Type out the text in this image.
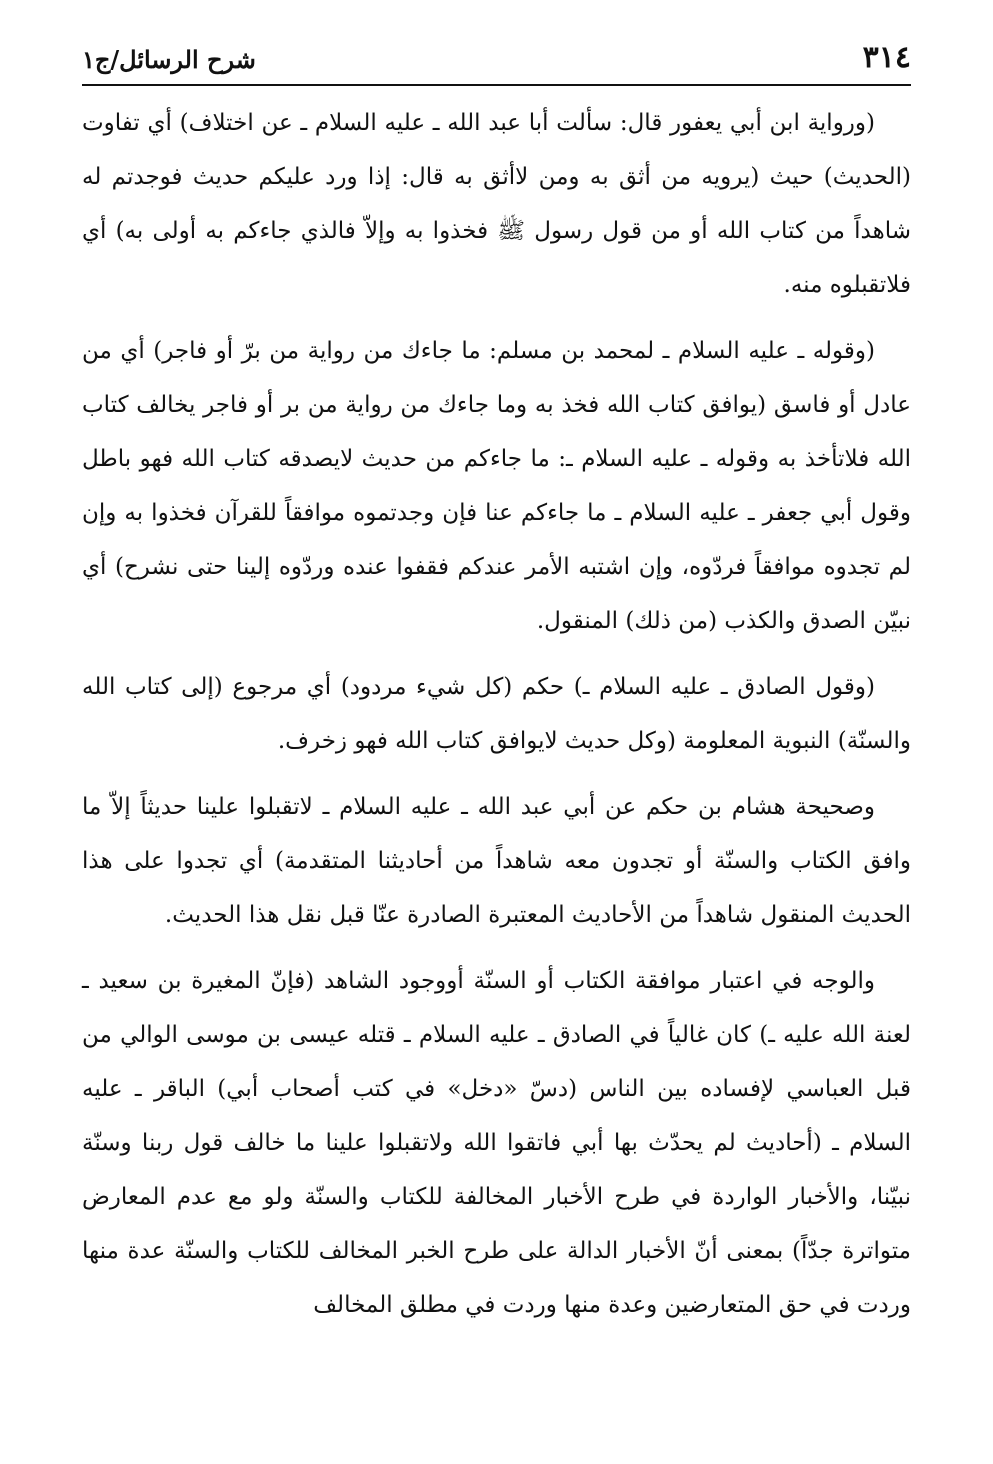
٣١٤
شرح الرسائل/ج١

(ورواية ابن أبي يعفور قال: سألت أبا عبد الله ـ عليه السلام ـ عن اختلاف) أي تفاوت (الحديث) حيث (يرويه من أثق به ومن لاأثق به قال: إذا ورد عليكم حديث فوجدتم له شاهداً من كتاب الله أو من قول رسول ﷺ فخذوا به وإلاّ فالذي جاءكم به أولى به) أي فلاتقبلوه منه.

(وقوله ـ عليه السلام ـ لمحمد بن مسلم: ما جاءك من رواية من برّ أو فاجر) أي من عادل أو فاسق (يوافق كتاب الله فخذ به وما جاءك من رواية من بر أو فاجر يخالف كتاب الله فلاتأخذ به وقوله ـ عليه السلام ـ: ما جاءكم من حديث لايصدقه كتاب الله فهو باطل وقول أبي جعفر ـ عليه السلام ـ ما جاءكم عنا فإن وجدتموه موافقاً للقرآن فخذوا به وإن لم تجدوه موافقاً فردّوه، وإن اشتبه الأمر عندكم فقفوا عنده وردّوه إلينا حتى نشرح) أي نبيّن الصدق والكذب (من ذلك) المنقول.

(وقول الصادق ـ عليه السلام ـ) حكم (كل شيء مردود) أي مرجوع (إلى كتاب الله والسنّة) النبوية المعلومة (وكل حديث لايوافق كتاب الله فهو زخرف.

وصحيحة هشام بن حكم عن أبي عبد الله ـ عليه السلام ـ لاتقبلوا علينا حديثاً إلاّ ما وافق الكتاب والسنّة أو تجدون معه شاهداً من أحاديثنا المتقدمة) أي تجدوا على هذا الحديث المنقول شاهداً من الأحاديث المعتبرة الصادرة عنّا قبل نقل هذا الحديث.

والوجه في اعتبار موافقة الكتاب أو السنّة أووجود الشاهد (فإنّ المغيرة بن سعيد ـ لعنة الله عليه ـ) كان غالياً في الصادق ـ عليه السلام ـ قتله عيسى بن موسى الوالي من قبل العباسي لإفساده بين الناس (دسّ «دخل» في كتب أصحاب أبي) الباقر ـ عليه السلام ـ (أحاديث لم يحدّث بها أبي فاتقوا الله ولاتقبلوا علينا ما خالف قول ربنا وسنّة نبيّنا، والأخبار الواردة في طرح الأخبار المخالفة للكتاب والسنّة ولو مع عدم المعارض متواترة جدّاً) بمعنى أنّ الأخبار الدالة على طرح الخبر المخالف للكتاب والسنّة عدة منها وردت في حق المتعارضين وعدة منها وردت في مطلق المخالف
